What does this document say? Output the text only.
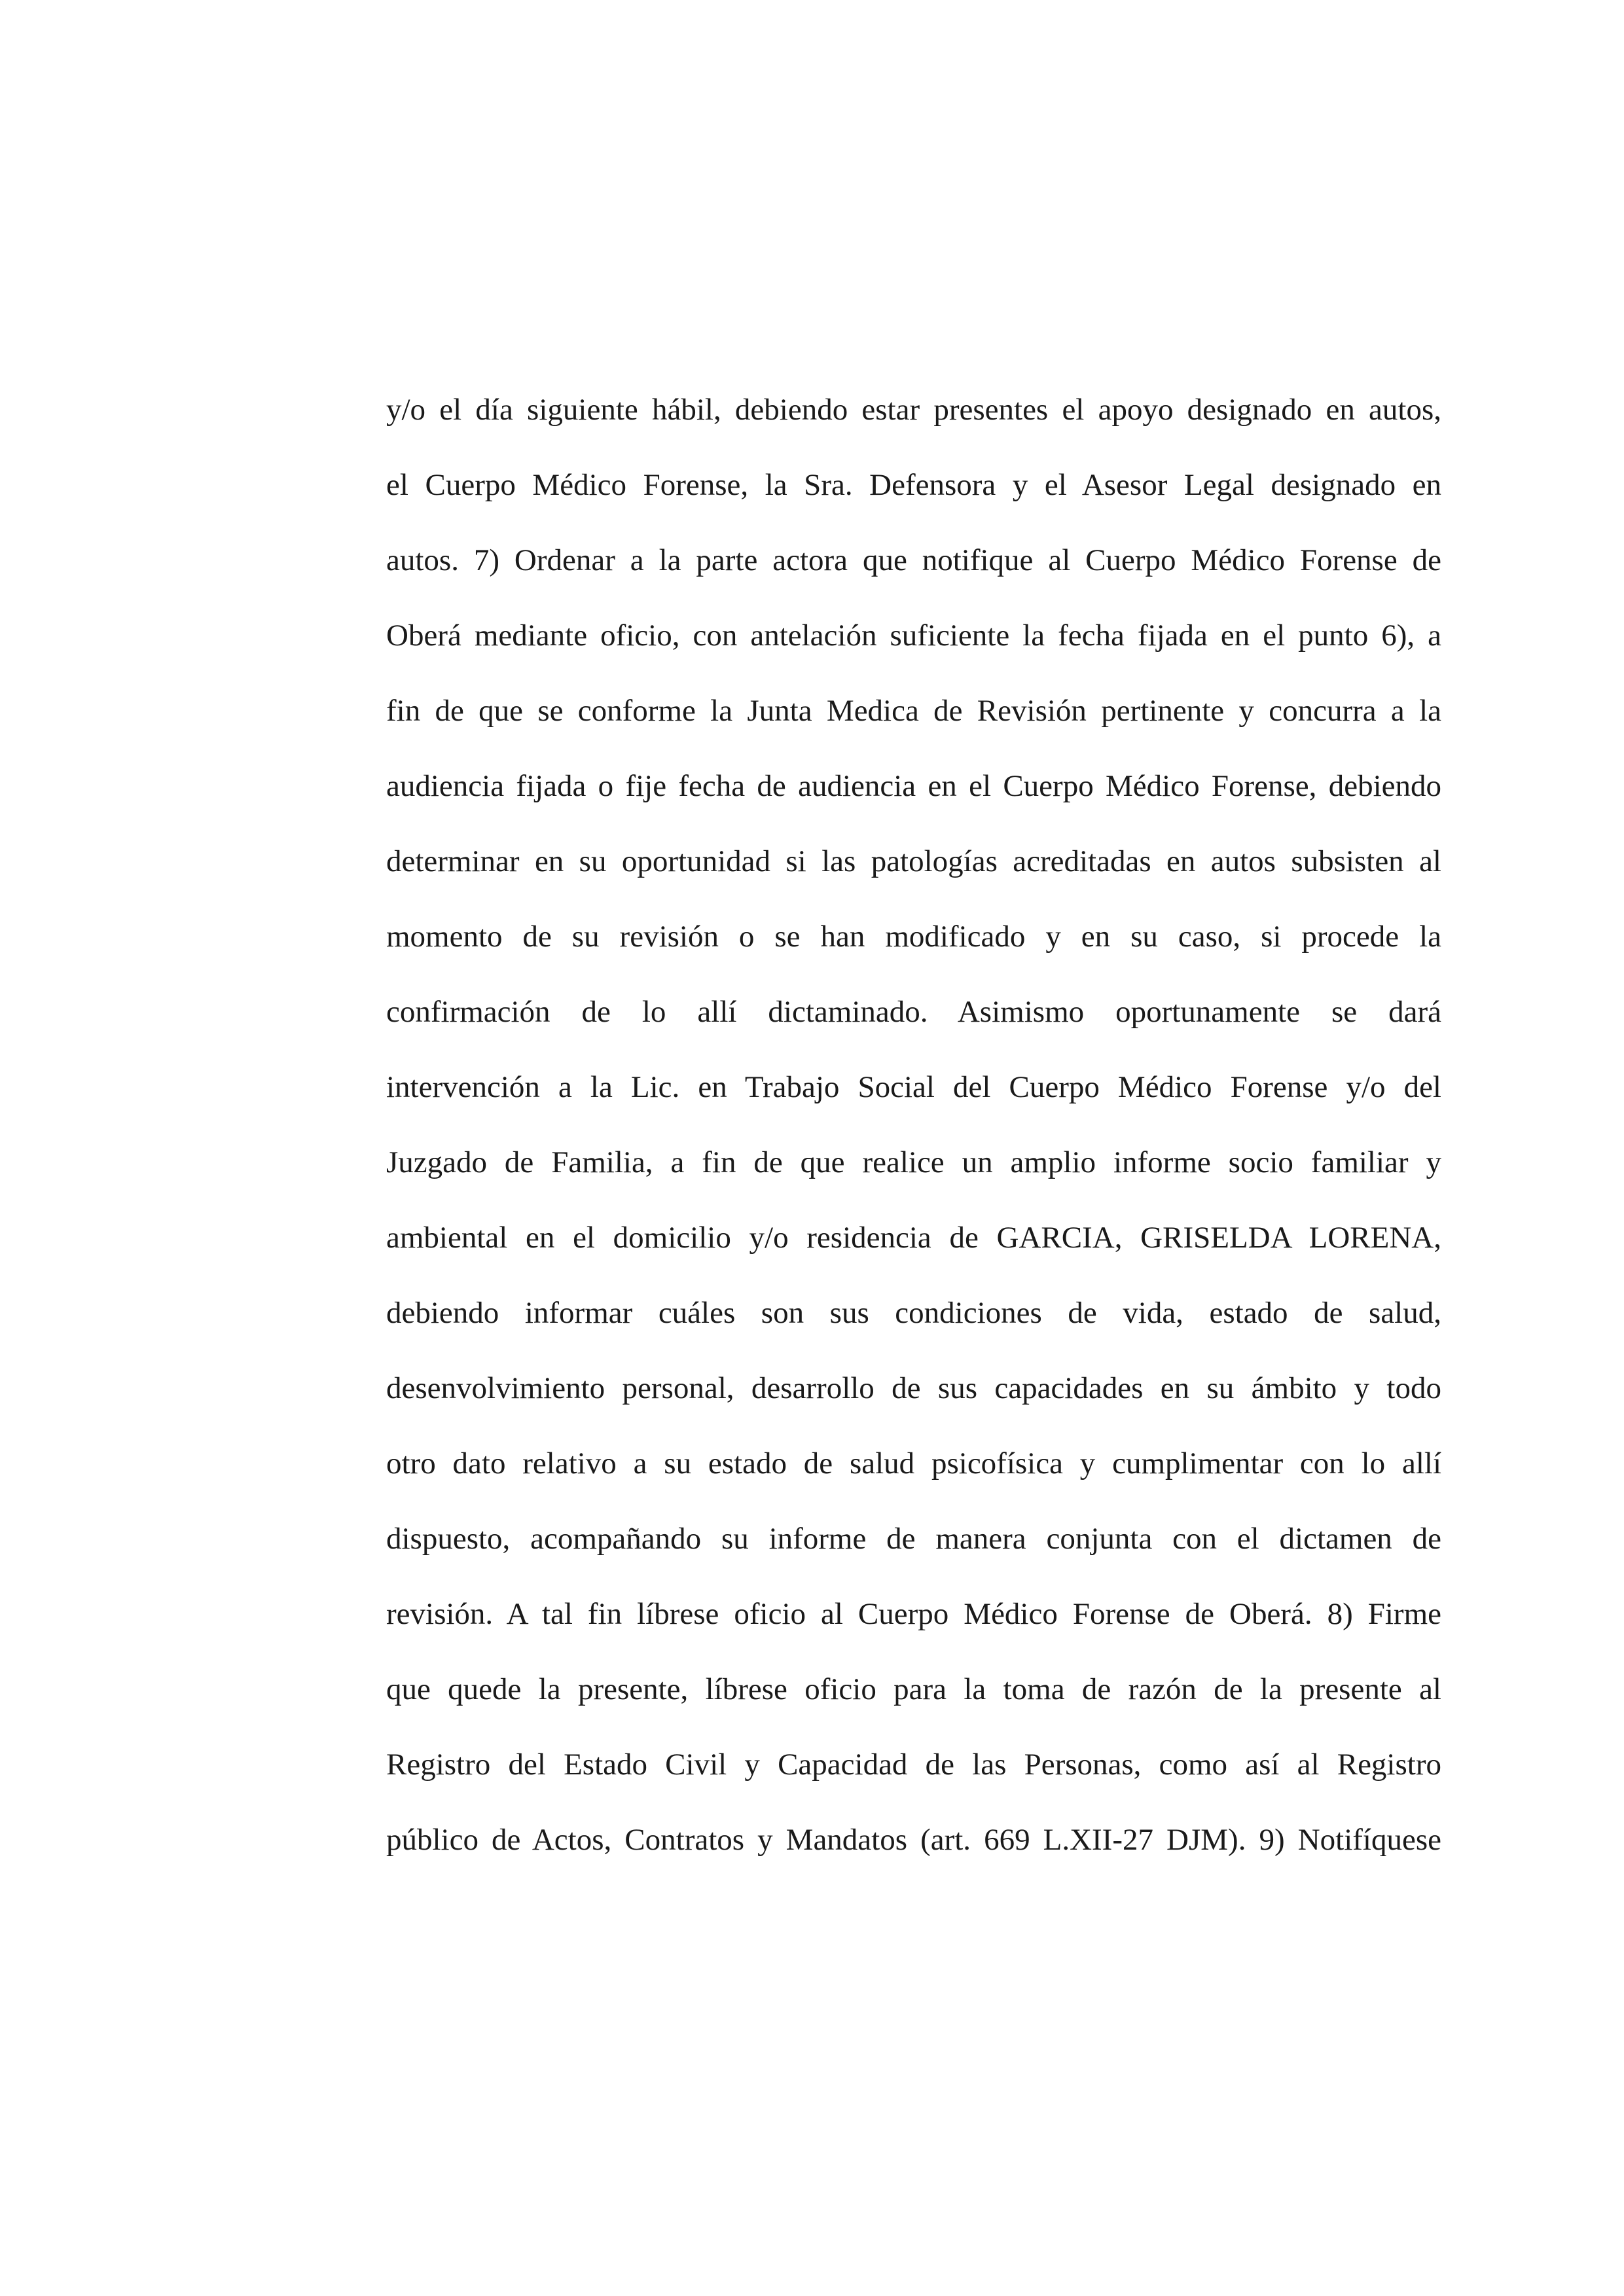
y/o el día siguiente hábil, debiendo estar presentes el apoyo designado en autos,
el Cuerpo Médico Forense, la Sra. Defensora y el Asesor Legal designado en
autos. 7) Ordenar a la parte actora que notifique al Cuerpo Médico Forense de
Oberá mediante oficio, con antelación suficiente la fecha fijada en el punto 6), a
fin de que se conforme la Junta Medica de Revisión pertinente y concurra a la
audiencia fijada o fije fecha de audiencia en el Cuerpo Médico Forense, debiendo
determinar en su oportunidad si las patologías acreditadas en autos subsisten al
momento de su revisión o se han modificado y en su caso, si procede la
confirmación de lo allí dictaminado. Asimismo oportunamente se dará
intervención a la Lic. en Trabajo Social del Cuerpo Médico Forense y/o del
Juzgado de Familia, a fin de que realice un amplio informe socio familiar y
ambiental en el domicilio y/o residencia de GARCIA, GRISELDA LORENA,
debiendo informar cuáles son sus condiciones de vida, estado de salud,
desenvolvimiento personal, desarrollo de sus capacidades en su ámbito y todo
otro dato relativo a su estado de salud psicofísica y cumplimentar con lo allí
dispuesto, acompañando su informe de manera conjunta con el dictamen de
revisión. A tal fin líbrese oficio al Cuerpo Médico Forense de Oberá. 8) Firme
que quede la presente, líbrese oficio para la toma de razón de la presente al
Registro del Estado Civil y Capacidad de las Personas, como así al Registro
público de Actos, Contratos y Mandatos (art. 669 L.XII-27 DJM). 9) Notifíquese
